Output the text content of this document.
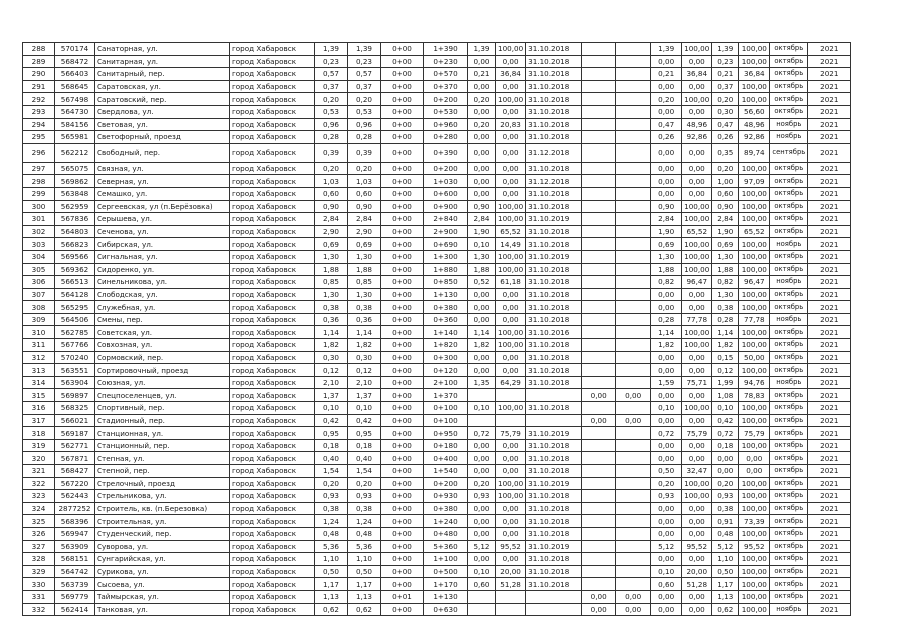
288	570174	Санаторная, ул.	город Хабаровск	1,39	1,39	0+00	1+390	1,39	100,00	31.10.2018			1,39	100,00	1,39	100,00	октябрь	2021
289	568472	Санитарная, ул.	город Хабаровск	0,23	0,23	0+00	0+230	0,00	0,00	31.10.2018			0,00	0,00	0,23	100,00	октябрь	2021
290	566403	Санитарный, пер.	город Хабаровск	0,57	0,57	0+00	0+570	0,21	36,84	31.10.2018			0,21	36,84	0,21	36,84	октябрь	2021
291	568645	Саратовская, ул.	город Хабаровск	0,37	0,37	0+00	0+370	0,00	0,00	31.10.2018			0,00	0,00	0,37	100,00	октябрь	2021
292	567498	Саратовский, пер.	город Хабаровск	0,20	0,20	0+00	0+200	0,20	100,00	31.10.2018			0,20	100,00	0,20	100,00	октябрь	2021
293	564730	Свердлова, ул.	город Хабаровск	0,53	0,53	0+00	0+530	0,00	0,00	31.10.2018			0,00	0,00	0,30	56,60	октябрь	2021
294	584156	Световая, ул.	город Хабаровск	0,96	0,96	0+00	0+960	0,20	20,83	31.10.2018			0,47	48,96	0,47	48,96	ноябрь	2021
295	565981	Светофорный, проезд	город Хабаровск	0,28	0,28	0+00	0+280	0,00	0,00	31.10.2018			0,26	92,86	0,26	92,86	ноябрь	2021
296	562212	Свободный, пер.	город Хабаровск	0,39	0,39	0+00	0+390	0,00	0,00	31.12.2018			0,00	0,00	0,35	89,74	сентябрь	2021
297	565075	Связная, ул.	город Хабаровск	0,20	0,20	0+00	0+200	0,00	0,00	31.10.2018			0,00	0,00	0,20	100,00	октябрь	2021
298	569862	Северная, ул.	город Хабаровск	1,03	1,03	0+00	1+030	0,00	0,00	31.12.2018			0,00	0,00	1,00	97,09	октябрь	2021
299	563848	Семашко, ул.	город Хабаровск	0,60	0,60	0+00	0+600	0,00	0,00	31.10.2018			0,00	0,00	0,60	100,00	октябрь	2021
300	562959	Сергеевская, ул (п.Берёзовка)	город Хабаровск	0,90	0,90	0+00	0+900	0,90	100,00	31.10.2018			0,90	100,00	0,90	100,00	октябрь	2021
301	567836	Серышева, ул.	город Хабаровск	2,84	2,84	0+00	2+840	2,84	100,00	31.10.2019			2,84	100,00	2,84	100,00	октябрь	2021
302	564803	Сеченова, ул.	город Хабаровск	2,90	2,90	0+00	2+900	1,90	65,52	31.10.2018			1,90	65,52	1,90	65,52	октябрь	2021
303	566823	Сибирская, ул.	город Хабаровск	0,69	0,69	0+00	0+690	0,10	14,49	31.10.2018			0,69	100,00	0,69	100,00	ноябрь	2021
304	569566	Сигнальная, ул.	город Хабаровск	1,30	1,30	0+00	1+300	1,30	100,00	31.10.2019			1,30	100,00	1,30	100,00	октябрь	2021
305	569362	Сидоренко, ул.	город Хабаровск	1,88	1,88	0+00	1+880	1,88	100,00	31.10.2018			1,88	100,00	1,88	100,00	октябрь	2021
306	566513	Синельникова, ул.	город Хабаровск	0,85	0,85	0+00	0+850	0,52	61,18	31.10.2018			0,82	96,47	0,82	96,47	ноябрь	2021
307	564128	Слободская, ул.	город Хабаровск	1,30	1,30	0+00	1+130	0,00	0,00	31.10.2018			0,00	0,00	1,30	100,00	октябрь	2021
308	565295	Служебная, ул.	город Хабаровск	0,38	0,38	0+00	0+380	0,00	0,00	31.10.2018			0,00	0,00	0,38	100,00	октябрь	2021
309	564506	Смены, пер.	город Хабаровск	0,36	0,36	0+00	0+360	0,00	0,00	31.10.2018			0,28	77,78	0,28	77,78	ноябрь	2021
310	562785	Советская, ул.	город Хабаровск	1,14	1,14	0+00	1+140	1,14	100,00	31.10.2016			1,14	100,00	1,14	100,00	октябрь	2021
311	567766	Совхозная, ул.	город Хабаровск	1,82	1,82	0+00	1+820	1,82	100,00	31.10.2018			1,82	100,00	1,82	100,00	октябрь	2021
312	570240	Сормовский, пер.	город Хабаровск	0,30	0,30	0+00	0+300	0,00	0,00	31.10.2018			0,00	0,00	0,15	50,00	октябрь	2021
313	563551	Сортировочный, проезд	город Хабаровск	0,12	0,12	0+00	0+120	0,00	0,00	31.10.2018			0,00	0,00	0,12	100,00	октябрь	2021
314	563904	Союзная, ул.	город Хабаровск	2,10	2,10	0+00	2+100	1,35	64,29	31.10.2018			1,59	75,71	1,99	94,76	ноябрь	2021
315	569897	Спецпоселенцев, ул.	город Хабаровск	1,37	1,37	0+00	1+370				0,00	0,00	0,00	0,00	1,08	78,83	октябрь	2021
316	568325	Спортивный, пер.	город Хабаровск	0,10	0,10	0+00	0+100	0,10	100,00	31.10.2018			0,10	100,00	0,10	100,00	октябрь	2021
317	566021	Стадионный, пер.	город Хабаровск	0,42	0,42	0+00	0+100				0,00	0,00	0,00	0,00	0,42	100,00	октябрь	2021
318	569187	Станционная, ул.	город Хабаровск	0,95	0,95	0+00	0+950	0,72	75,79	31.10.2019			0,72	75,79	0,72	75,79	октябрь	2021
319	562771	Станционный, пер.	город Хабаровск	0,18	0,18	0+00	0+180	0,00	0,00	31.10.2018			0,00	0,00	0,18	100,00	октябрь	2021
320	567871	Степная, ул.	город Хабаровск	0,40	0,40	0+00	0+400	0,00	0,00	31.10.2018			0,00	0,00	0,00	0,00	октябрь	2021
321	568427	Степной, пер.	город Хабаровск	1,54	1,54	0+00	1+540	0,00	0,00	31.10.2018			0,50	32,47	0,00	0,00	октябрь	2021
322	567220	Стрелочный, проезд	город Хабаровск	0,20	0,20	0+00	0+200	0,20	100,00	31.10.2019			0,20	100,00	0,20	100,00	октябрь	2021
323	562443	Стрельникова, ул.	город Хабаровск	0,93	0,93	0+00	0+930	0,93	100,00	31.10.2018			0,93	100,00	0,93	100,00	октябрь	2021
324	2877252	Строитель, кв. (п.Березовка)	город Хабаровск	0,38	0,38	0+00	0+380	0,00	0,00	31.10.2018			0,00	0,00	0,38	100,00	октябрь	2021
325	568396	Строительная, ул.	город Хабаровск	1,24	1,24	0+00	1+240	0,00	0,00	31.10.2018			0,00	0,00	0,91	73,39	октябрь	2021
326	569947	Студенческий, пер.	город Хабаровск	0,48	0,48	0+00	0+480	0,00	0,00	31.10.2018			0,00	0,00	0,48	100,00	октябрь	2021
327	563909	Суворова, ул.	город Хабаровск	5,36	5,36	0+00	5+360	5,12	95,52	31.10.2019			5,12	95,52	5,12	95,52	октябрь	2021
328	568151	Сунгарийская, ул.	город Хабаровск	1,10	1,10	0+00	1+100	0,00	0,00	31.10.2018			0,00	0,00	1,10	100,00	октябрь	2021
329	564742	Сурикова, ул.	город Хабаровск	0,50	0,50	0+00	0+500	0,10	20,00	31.10.2018			0,10	20,00	0,50	100,00	октябрь	2021
330	563739	Сысоева, ул.	город Хабаровск	1,17	1,17	0+00	1+170	0,60	51,28	31.10.2018			0,60	51,28	1,17	100,00	октябрь	2021
331	569779	Таймырская, ул.	город Хабаровск	1,13	1,13	0+01	1+130				0,00	0,00	0,00	0,00	1,13	100,00	октябрь	2021
332	562414	Танковая, ул.	город Хабаровск	0,62	0,62	0+00	0+630				0,00	0,00	0,00	0,00	0,62	100,00	ноябрь	2021
